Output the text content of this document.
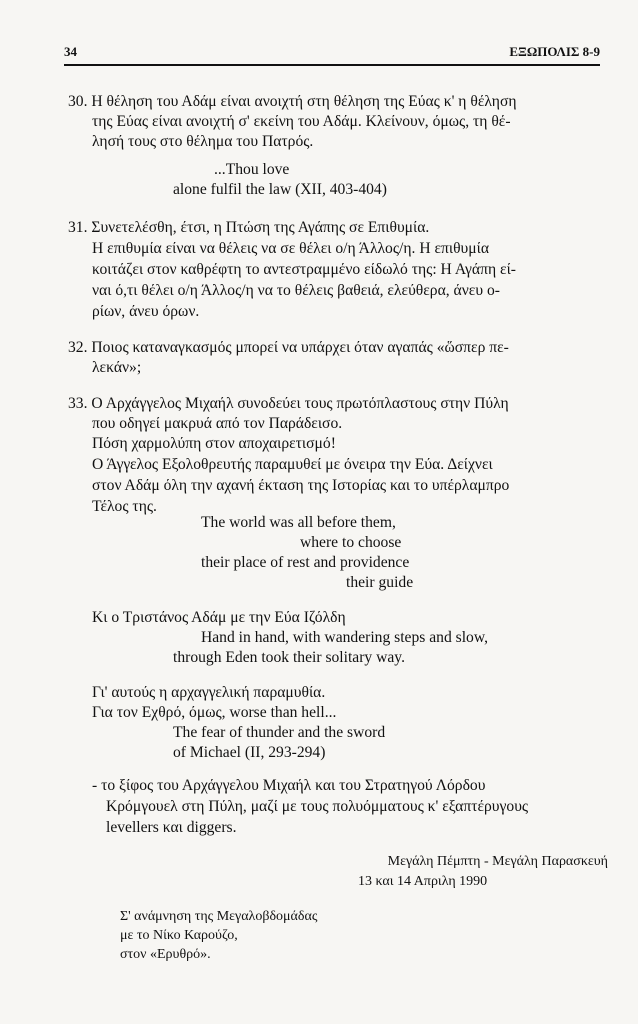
34	ΕΞΩΠΟΛΙΣ 8-9
30. Η θέληση του Αδάμ είναι ανοιχτή στη θέληση της Εύας κ' η θέληση
της Εύας είναι ανοιχτή σ' εκείνη του Αδάμ. Κλείνουν, όμως, τη θέ-
λησή τους στο θέλημα του Πατρός.
...Thou love
alone fulfil the law (XII, 403-404)
31. Συνετελέσθη, έτσι, η Πτώση της Αγάπης σε Επιθυμία.
Η επιθυμία είναι να θέλεις να σε θέλει ο/η Άλλος/η. Η επιθυμία
κοιτάζει στον καθρέφτη το αντεστραμμένο είδωλό της: Η Αγάπη εί-
ναι ό,τι θέλει ο/η Άλλος/η να το θέλεις βαθειά, ελεύθερα, άνευ ο-
ρίων, άνευ όρων.
32. Ποιος καταναγκασμός μπορεί να υπάρχει όταν αγαπάς «ὥσπερ πε-
λεκάν»;
33. Ο Αρχάγγελος Μιχαήλ συνοδεύει τους πρωτόπλαστους στην Πύλη
που οδηγεί μακρυά από τον Παράδεισο.
Πόση χαρμολύπη στον αποχαιρετισμό!
Ο Άγγελος Εξολοθρευτής παραμυθεί με όνειρα την Εύα. Δείχνει
στον Αδάμ όλη την αχανή έκταση της Ιστορίας και το υπέρλαμπρο
Τέλος της.
The world was all before them,
where to choose
their place of rest and providence
their guide
Κι ο Τριστάνος Αδάμ με την Εύα Ιζόλδη
Hand in hand, with wandering steps and slow,
through Eden took their solitary way.
Γι' αυτούς η αρχαγγελική παραμυθία.
Για τον Εχθρό, όμως, worse than hell...
The fear of thunder and the sword
of Michael (II, 293-294)
- το ξίφος του Αρχάγγελου Μιχαήλ και του Στρατηγού Λόρδου
Κρόμγουελ στη Πύλη, μαζί με τους πολυόμματους κ' εξαπτέρυγους
levellers και diggers.
Μεγάλη Πέμπτη - Μεγάλη Παρασκευή
13 και 14 Απριλη 1990
Σ' ανάμνηση της Μεγαλοβδομάδας
με το Νίκο Καρούζο,
στον «Ερυθρό».
